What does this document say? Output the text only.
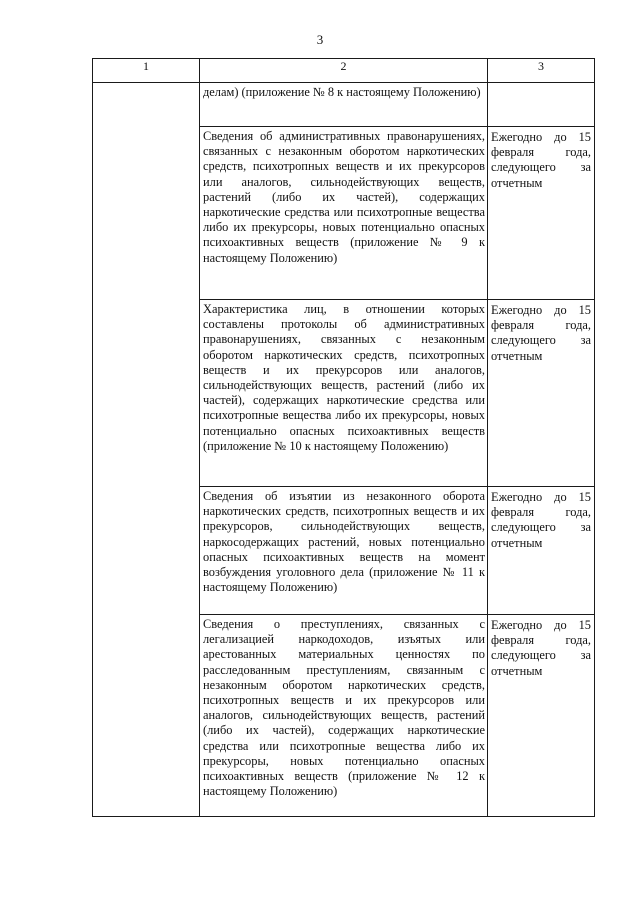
3
1	2	3

	делам) (приложение № 8 к настоящему Положению)	

	Сведения об административных правонарушениях, связанных с незаконным оборотом наркотических средств, психотропных веществ и их прекурсоров или аналогов, сильнодействующих веществ, растений (либо их частей), содержащих наркотические средства или психотропные вещества либо их прекурсоры, новых потенциально опасных психоактивных веществ (приложение № 9 к настоящему Положению)	Ежегодно до 15 февраля года, следующего за отчетным

	Характеристика лиц, в отношении которых составлены протоколы об административных правонарушениях, связанных с незаконным оборотом наркотических средств, психотропных веществ и их прекурсоров или аналогов, сильнодействующих веществ, растений (либо их частей), содержащих наркотические средства или психотропные вещества либо их прекурсоры, новых потенциально опасных психоактивных веществ (приложение № 10 к настоящему Положению)	Ежегодно до 15 февраля года, следующего за отчетным

	Сведения об изъятии из незаконного оборота наркотических средств, психотропных веществ и их прекурсоров, сильнодействующих веществ, наркосодержащих растений, новых потенциально опасных психоактивных веществ на момент возбуждения уголовного дела (приложение № 11 к настоящему Положению)	Ежегодно до 15 февраля года, следующего за отчетным

	Сведения о преступлениях, связанных с легализацией наркодоходов, изъятых или арестованных материальных ценностях по расследованным преступлениям, связанным с незаконным оборотом наркотических средств, психотропных веществ и их прекурсоров или аналогов, сильнодействующих веществ, растений (либо их частей), содержащих наркотические средства или психотропные вещества либо их прекурсоры, новых потенциально опасных психоактивных веществ (приложение № 12 к настоящему Положению)	Ежегодно до 15 февраля года, следующего за отчетным
